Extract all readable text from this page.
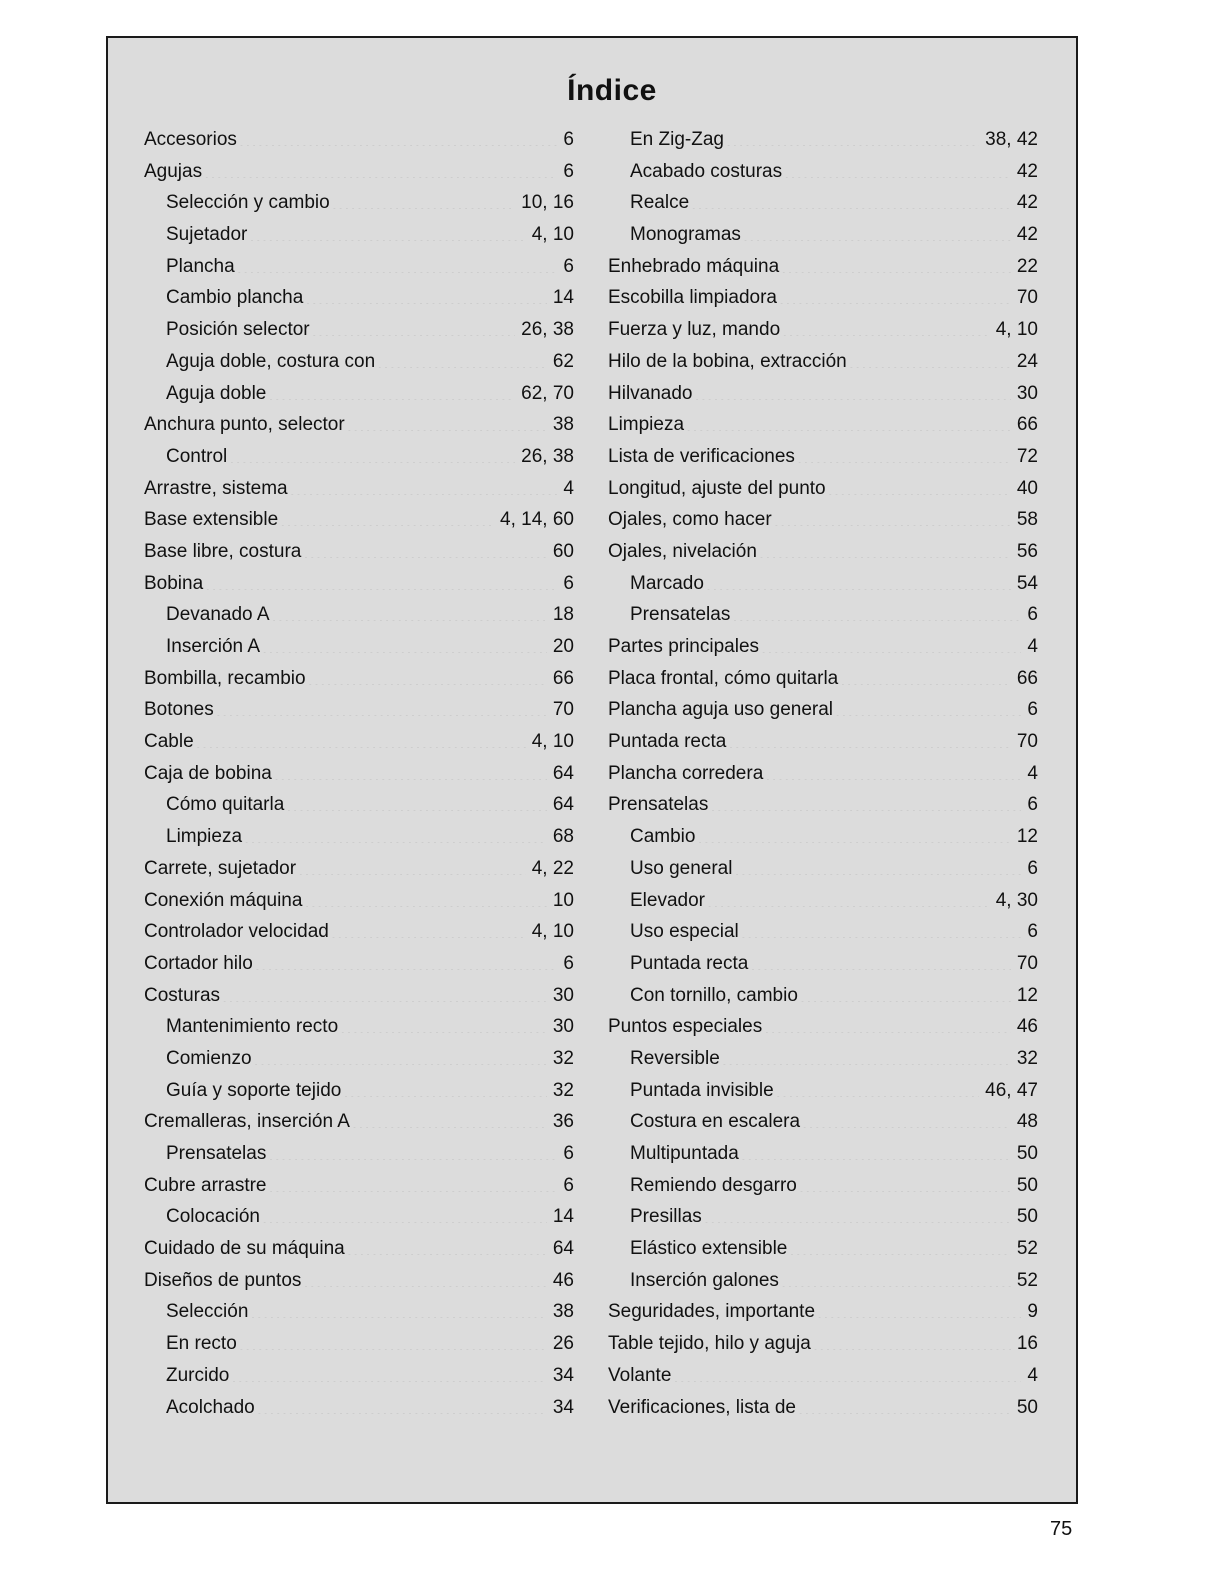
Índice
Accesorios .....	6
Agujas .....	6
Selección y cambio .....	10, 16
Sujetador .....	4, 10
Plancha .....	6
Cambio plancha .....	14
Posición selector .....	26, 38
Aguja doble, costura con .....	62
Aguja doble .....	62, 70
Anchura punto, selector .....	38
Control .....	26, 38
Arrastre, sistema .....	4
Base extensible .....	4, 14, 60
Base libre, costura .....	60
Bobina .....	6
Devanado A .....	18
Inserción A .....	20
Bombilla, recambio .....	66
Botones .....	70
Cable .....	4, 10
Caja de bobina .....	64
Cómo quitarla .....	64
Limpieza .....	68
Carrete, sujetador .....	4, 22
Conexión máquina .....	10
Controlador velocidad .....	4, 10
Cortador hilo .....	6
Costuras .....	30
Mantenimiento recto .....	30
Comienzo .....	32
Guía y soporte tejido .....	32
Cremalleras, inserción A .....	36
Prensatelas .....	6
Cubre arrastre .....	6
Colocación .....	14
Cuidado de su máquina .....	64
Diseños de puntos .....	46
Selección .....	38
En recto .....	26
Zurcido .....	34
Acolchado .....	34
En Zig-Zag .....	38, 42
Acabado costuras .....	42
Realce .....	42
Monogramas .....	42
Enhebrado máquina .....	22
Escobilla limpiadora .....	70
Fuerza y luz, mando .....	4, 10
Hilo de la bobina, extracción .....	24
Hilvanado .....	30
Limpieza .....	66
Lista de verificaciones .....	72
Longitud, ajuste del punto .....	40
Ojales, como hacer .....	58
Ojales, nivelación .....	56
Marcado .....	54
Prensatelas .....	6
Partes principales .....	4
Placa frontal, cómo quitarla .....	66
Plancha aguja uso general .....	6
Puntada recta .....	70
Plancha corredera .....	4
Prensatelas .....	6
Cambio .....	12
Uso general .....	6
Elevador .....	4, 30
Uso especial .....	6
Puntada recta .....	70
Con tornillo, cambio .....	12
Puntos especiales .....	46
Reversible .....	32
Puntada invisible .....	46, 47
Costura en escalera .....	48
Multipuntada .....	50
Remiendo desgarro .....	50
Presillas .....	50
Elástico extensible .....	52
Inserción galones .....	52
Seguridades, importante .....	9
Table tejido, hilo y aguja .....	16
Volante .....	4
Verificaciones, lista de .....	50
75
